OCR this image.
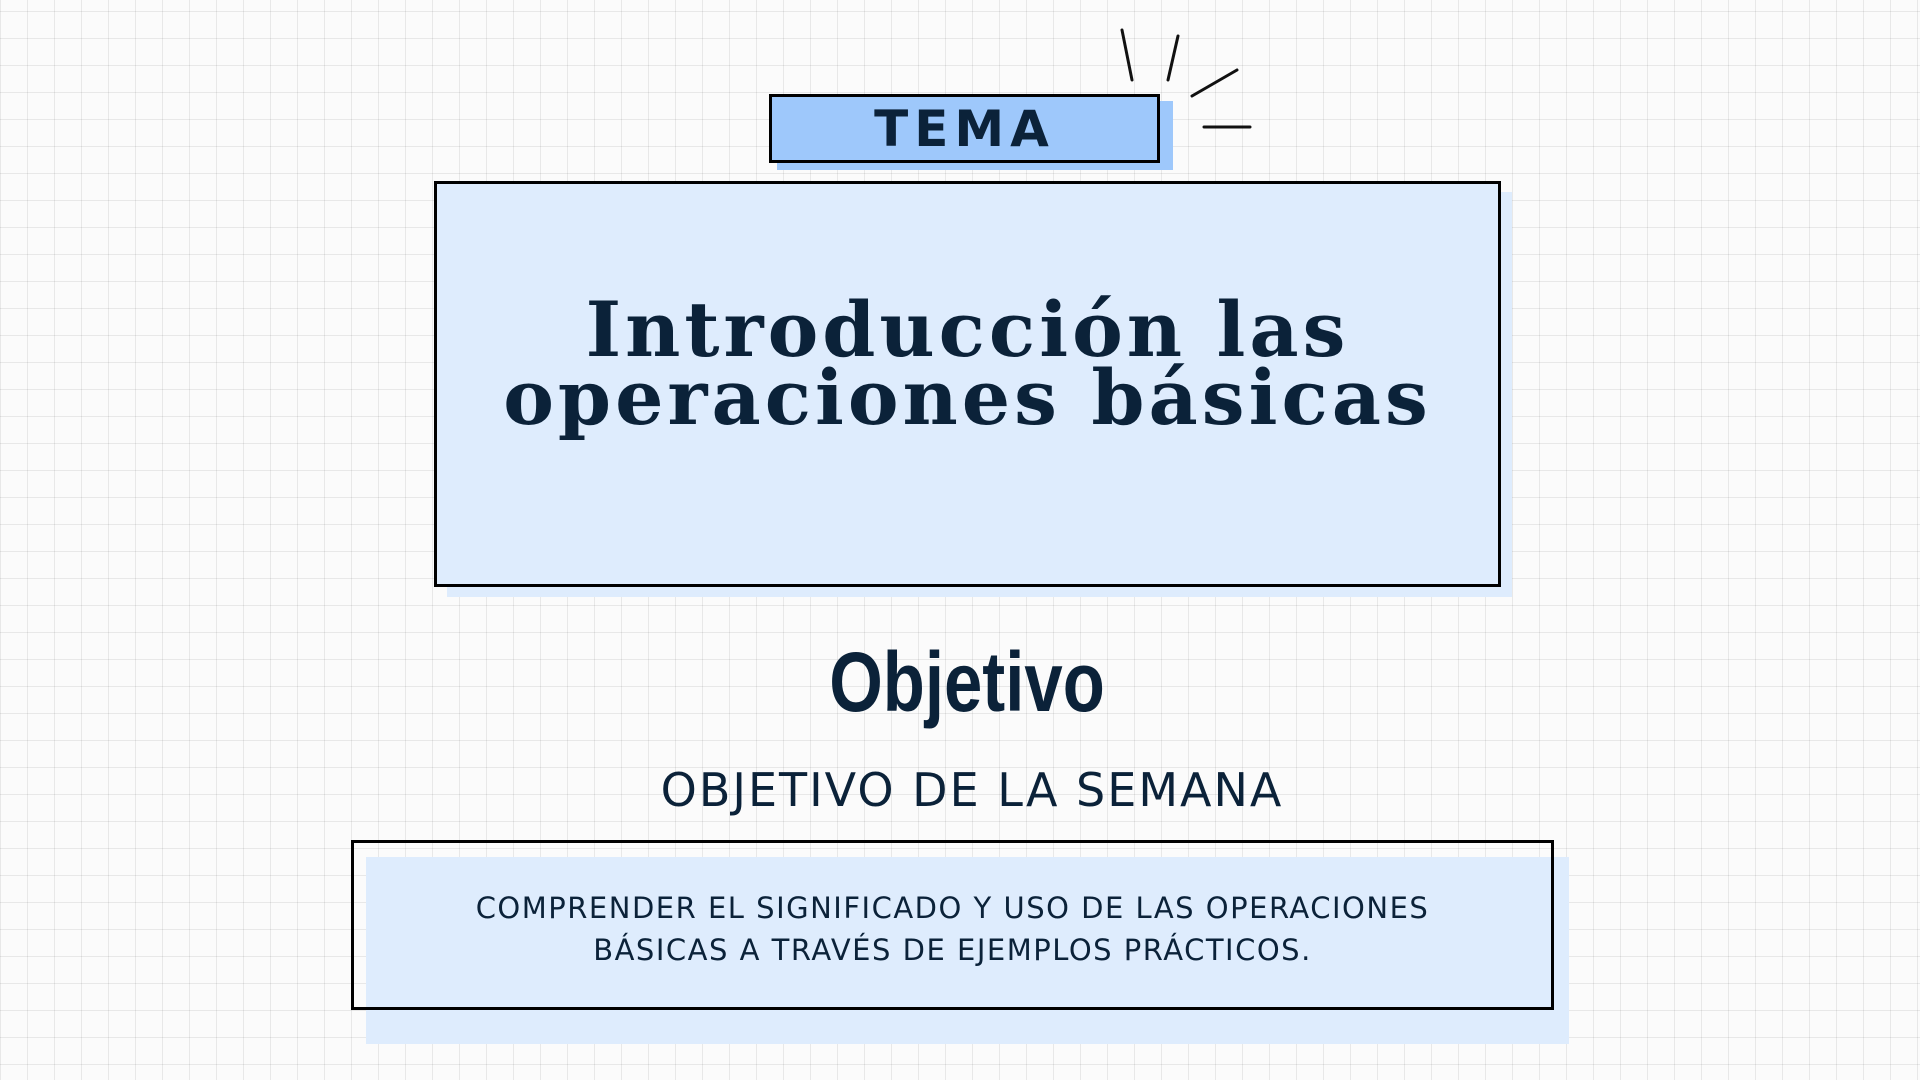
TEMA
Introducción las
operaciones básicas
Objetivo
OBJETIVO DE LA SEMANA

COMPRENDER EL SIGNIFICADO Y USO DE LAS OPERACIONES
BÁSICAS A TRAVÉS DE EJEMPLOS PRÁCTICOS.
